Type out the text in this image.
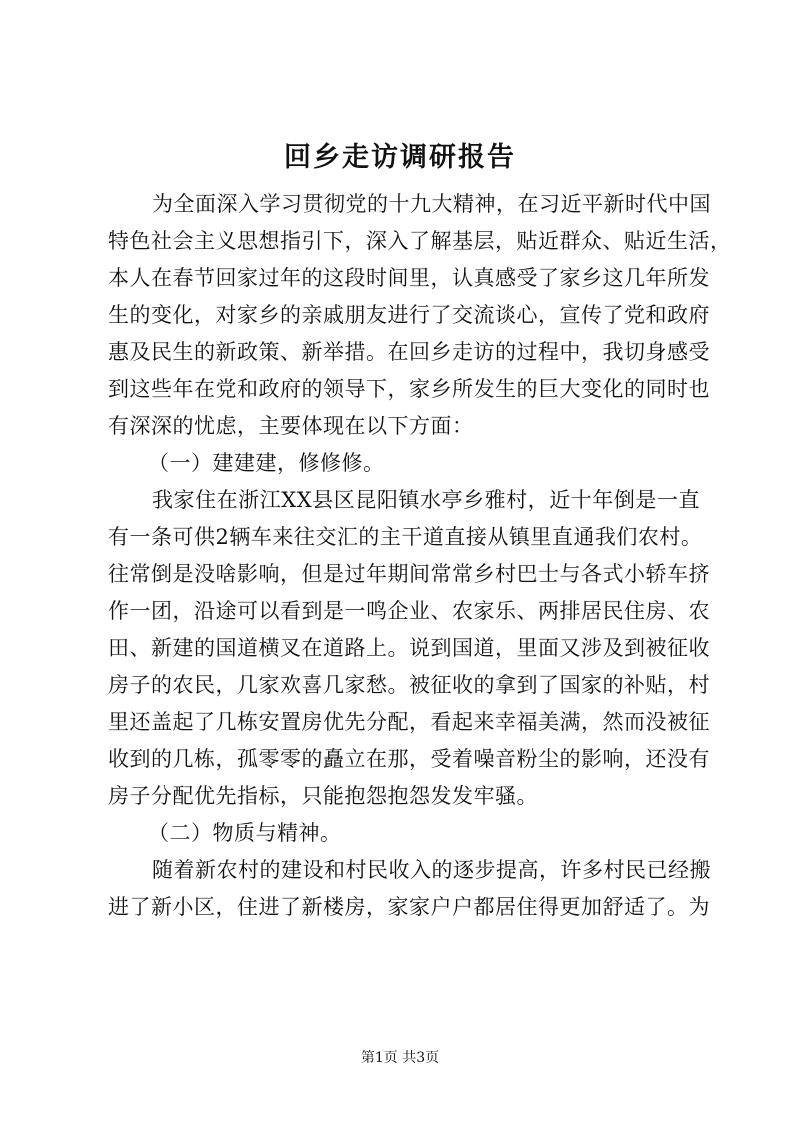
回乡走访调研报告
为全面深入学习贯彻党的十九大精神，在习近平新时代中国
特色社会主义思想指引下，深入了解基层，贴近群众、贴近生活，
本人在春节回家过年的这段时间里，认真感受了家乡这几年所发
生的变化，对家乡的亲戚朋友进行了交流谈心，宣传了党和政府
惠及民生的新政策、新举措。在回乡走访的过程中，我切身感受
到这些年在党和政府的领导下，家乡所发生的巨大变化的同时也
有深深的忧虑，主要体现在以下方面：
（一）建建建，修修修。
我家住在浙江XX县区昆阳镇水亭乡雅村，近十年倒是一直
有一条可供2辆车来往交汇的主干道直接从镇里直通我们农村。
往常倒是没啥影响，但是过年期间常常乡村巴士与各式小轿车挤
作一团，沿途可以看到是一鸣企业、农家乐、两排居民住房、农
田、新建的国道横叉在道路上。说到国道，里面又涉及到被征收
房子的农民，几家欢喜几家愁。被征收的拿到了国家的补贴，村
里还盖起了几栋安置房优先分配，看起来幸福美满，然而没被征
收到的几栋，孤零零的矗立在那，受着噪音粉尘的影响，还没有
房子分配优先指标，只能抱怨抱怨发发牢骚。
（二）物质与精神。
随着新农村的建设和村民收入的逐步提高，许多村民已经搬
进了新小区，住进了新楼房，家家户户都居住得更加舒适了。为
第1页 共3页
